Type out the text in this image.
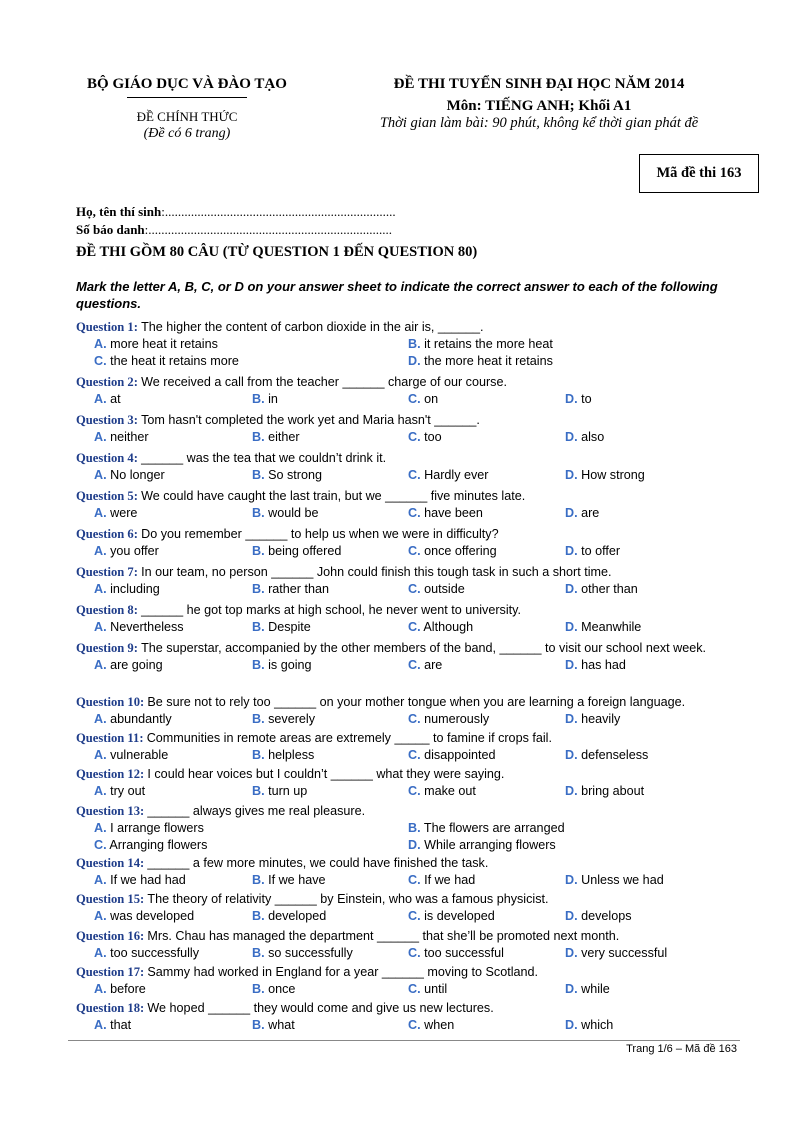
BỘ GIÁO DỤC VÀ ĐÀO TẠO
ĐỀ CHÍNH THỨC
(Đề có 6 trang)
ĐỀ THI TUYỂN SINH ĐẠI HỌC NĂM 2014
Môn: TIẾNG ANH; Khối A1
Thời gian làm bài: 90 phút, không kể thời gian phát đề
Mã đề thi 163
Họ, tên thí sinh:.......................................................................
Số báo danh:...........................................................................
ĐỀ THI GỒM 80 CÂU (TỪ QUESTION 1 ĐẾN QUESTION 80)
Mark the letter A, B, C, or D on your answer sheet to indicate the correct answer to each of the following questions.
Question 1: The higher the content of carbon dioxide in the air is, ______.
A. more heat it retains	B. it retains the more heat
C. the heat it retains more	D. the more heat it retains
Question 2: We received a call from the teacher ______ charge of our course.
A. at	B. in	C. on	D. to
Question 3: Tom hasn't completed the work yet and Maria hasn't ______.
A. neither	B. either	C. too	D. also
Question 4: ______ was the tea that we couldn’t drink it.
A. No longer	B. So strong	C. Hardly ever	D. How strong
Question 5: We could have caught the last train, but we ______ five minutes late.
A. were	B. would be	C. have been	D. are
Question 6: Do you remember ______ to help us when we were in difficulty?
A. you offer	B. being offered	C. once offering	D. to offer
Question 7: In our team, no person ______ John could finish this tough task in such a short time.
A. including	B. rather than	C. outside	D. other than
Question 8: ______ he got top marks at high school, he never went to university.
A. Nevertheless	B. Despite	C. Although	D. Meanwhile
Question 9: The superstar, accompanied by the other members of the band, ______ to visit our school next week.
A. are going	B. is going	C. are	D. has had
Question 10: Be sure not to rely too ______ on your mother tongue when you are learning a foreign language.
A. abundantly	B. severely	C. numerously	D. heavily
Question 11: Communities in remote areas are extremely _____ to famine if crops fail.
A. vulnerable	B. helpless	C. disappointed	D. defenseless
Question 12: I could hear voices but I couldn’t ______ what they were saying.
A. try out	B. turn up	C. make out	D. bring about
Question 13: ______ always gives me real pleasure.
A. I arrange flowers	B. The flowers are arranged
C. Arranging flowers	D. While arranging flowers
Question 14: ______ a few more minutes, we could have finished the task.
A. If we had had	B. If we have	C. If we had	D. Unless we had
Question 15: The theory of relativity ______ by Einstein, who was a famous physicist.
A. was developed	B. developed	C. is developed	D. develops
Question 16: Mrs. Chau has managed the department ______ that she’ll be promoted next month.
A. too successfully	B. so successfully	C. too successful	D. very successful
Question 17: Sammy had worked in England for a year ______ moving to Scotland.
A. before	B. once	C. until	D. while
Question 18: We hoped ______ they would come and give us new lectures.
A. that	B. what	C. when	D. which
Trang 1/6 – Mã đề 163
